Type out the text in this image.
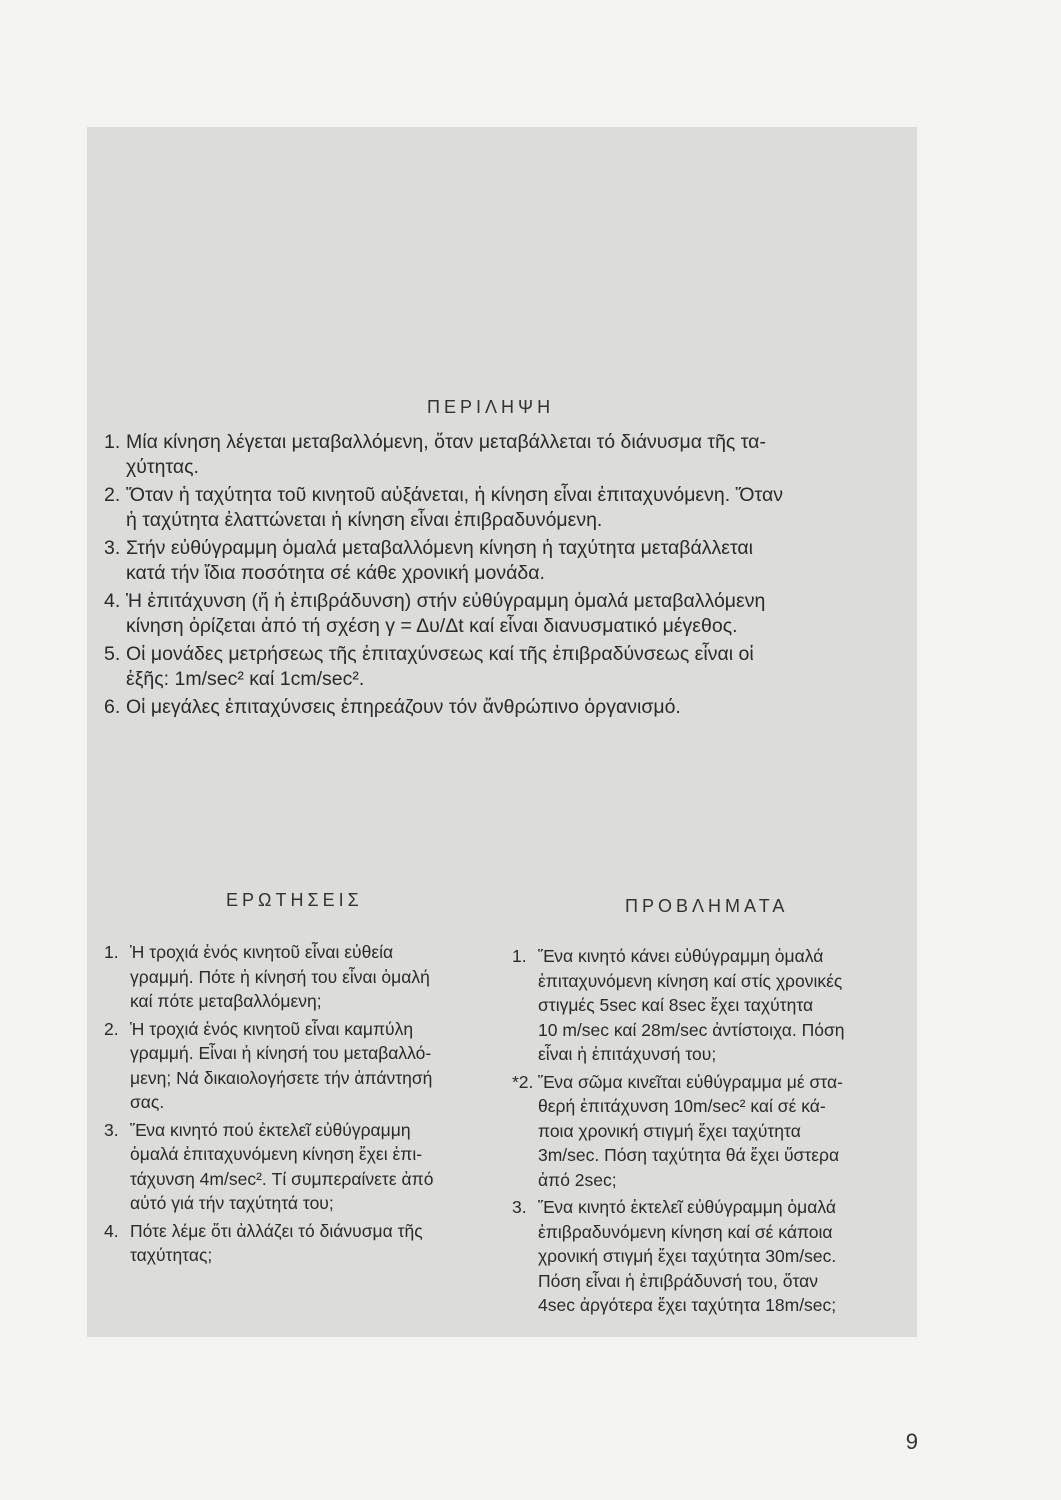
ΠΕΡΙΛΗΨΗ
1. Μία κίνηση λέγεται μεταβαλλόμενη, ὅταν μεταβάλλεται τό διάνυσμα τῆς τα-
χύτητας.
2. Ὅταν ἡ ταχύτητα τοῦ κινητοῦ αὐξάνεται, ἡ κίνηση εἶναι ἐπιταχυνόμενη. Ὅταν
ἡ ταχύτητα ἐλαττώνεται ἡ κίνηση εἶναι ἐπιβραδυνόμενη.
3. Στήν εὐθύγραμμη ὁμαλά μεταβαλλόμενη κίνηση ἡ ταχύτητα μεταβάλλεται
κατά τήν ἴδια ποσότητα σέ κάθε χρονική μονάδα.
4. Ἡ ἐπιτάχυνση (ἤ ἡ ἐπιβράδυνση) στήν εὐθύγραμμη ὁμαλά μεταβαλλόμενη
κίνηση ὁρίζεται ἀπό τή σχέση γ = Δυ/Δt καί εἶναι διανυσματικό μέγεθος.
5. Οἱ μονάδες μετρήσεως τῆς ἐπιταχύνσεως καί τῆς ἐπιβραδύνσεως εἶναι οἱ
ἑξῆς: 1m/sec² καί 1cm/sec².
6. Οἱ μεγάλες ἐπιταχύνσεις ἐπηρεάζουν τόν ἄνθρώπινο ὀργανισμό.
ΕΡΩΤΗΣΕΙΣ
1. Ἡ τροχιά ἑνός κινητοῦ εἶναι εὐθεία
γραμμή. Πότε ἡ κίνησή του εἶναι ὁμαλή
καί πότε μεταβαλλόμενη;
2. Ἡ τροχιά ἑνός κινητοῦ εἶναι καμπύλη
γραμμή. Εἶναι ἡ κίνησή του μεταβαλλό-
μενη; Νά δικαιολογήσετε τήν ἀπάντησή
σας.
3. Ἕνα κινητό πού ἐκτελεῖ εὐθύγραμμη
ὁμαλά ἐπιταχυνόμενη κίνηση ἔχει ἐπι-
τάχυνση 4m/sec². Τί συμπεραίνετε ἀπό
αὐτό γιά τήν ταχύτητά του;
4. Πότε λέμε ὅτι ἀλλάζει τό διάνυσμα τῆς
ταχύτητας;
ΠΡΟΒΛΗΜΑΤΑ
1. Ἕνα κινητό κάνει εὐθύγραμμη ὁμαλά
ἐπιταχυνόμενη κίνηση καί στίς χρονικές
στιγμές 5sec καί 8sec ἔχει ταχύτητα
10 m/sec καί 28m/sec ἀντίστοιχα. Πόση
εἶναι ἡ ἐπιτάχυνσή του;
*2. Ἕνα σῶμα κινεῖται εὐθύγραμμα μέ στα-
θερή ἐπιτάχυνση 10m/sec² καί σέ κά-
ποια χρονική στιγμή ἔχει ταχύτητα
3m/sec. Πόση ταχύτητα θά ἔχει ὕστερα
ἀπό 2sec;
3. Ἕνα κινητό ἐκτελεῖ εὐθύγραμμη ὁμαλά
ἐπιβραδυνόμενη κίνηση καί σέ κάποια
χρονική στιγμή ἔχει ταχύτητα 30m/sec.
Πόση εἶναι ἡ ἐπιβράδυνσή του, ὅταν
4sec ἀργότερα ἔχει ταχύτητα 18m/sec;
9
